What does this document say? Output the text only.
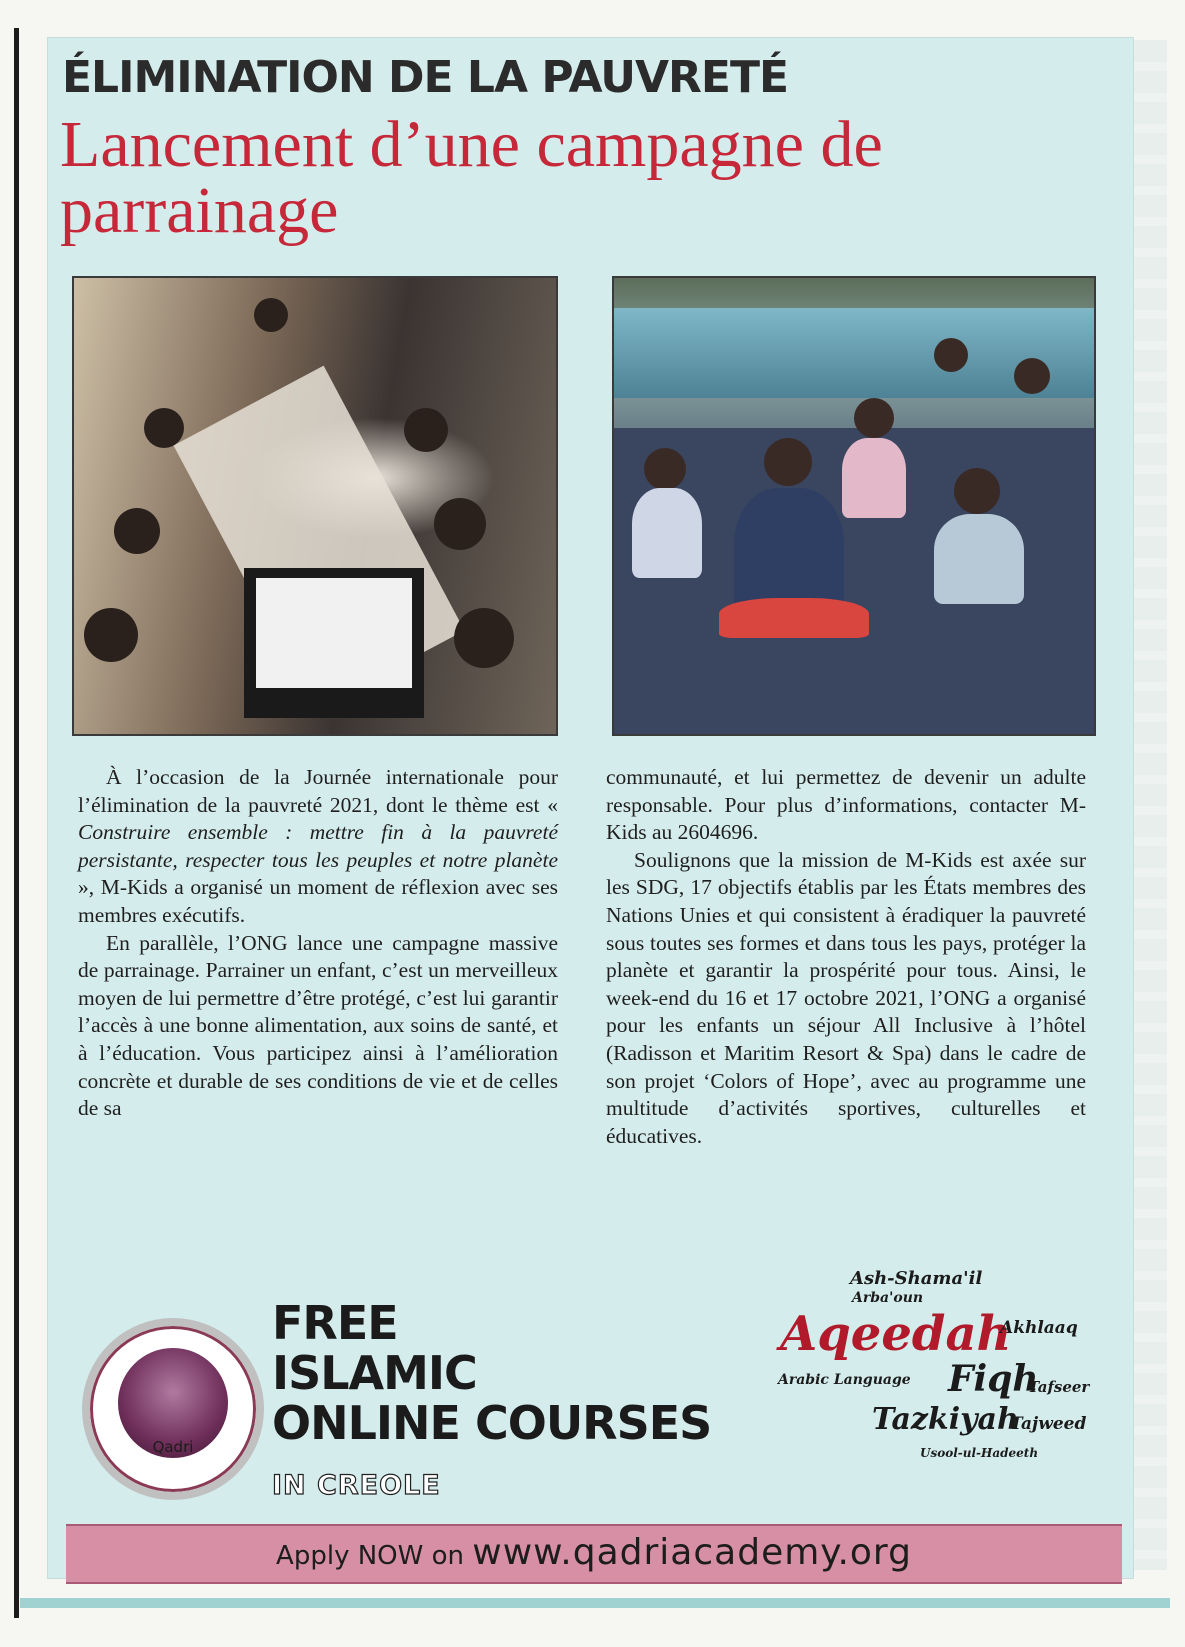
ÉLIMINATION DE LA PAUVRETÉ
Lancement d’une campagne de parrainage

À l’occasion de la Journée internationale pour l’élimination de la pauvreté 2021, dont le thème est « Construire ensemble : mettre fin à la pauvreté persistante, respecter tous les peuples et notre planète », M-Kids a organisé un moment de réflexion avec ses membres exécutifs.

En parallèle, l’ONG lance une campagne massive de parrainage. Parrainer un enfant, c’est un merveilleux moyen de lui permettre d’être protégé, c’est lui garantir l’accès à une bonne alimentation, aux soins de santé, et à l’éducation. Vous participez ainsi à l’amélioration concrète et durable de ses conditions de vie et de celles de sa

communauté, et lui permettez de devenir un adulte responsable. Pour plus d’informations, contacter M-Kids au 2604696.

Soulignons que la mission de M-Kids est axée sur les SDG, 17 objectifs établis par les États membres des Nations Unies et qui consistent à éradiquer la pauvreté sous toutes ses formes et dans tous les pays, protéger la planète et garantir la prospérité pour tous. Ainsi, le week-end du 16 et 17 octobre 2021, l’ONG a organisé pour les enfants un séjour All Inclusive à l’hôtel (Radisson et Maritim Resort & Spa) dans le cadre de son projet ‘Colors of Hope’, avec au programme une multitude d’activités sportives, culturelles et éducatives.

Qadri
FREE
ISLAMIC
ONLINE COURSES
IN CREOLE
Ash-Shama'il
Arba'oun
Aqeedah
Akhlaaq
Arabic Language Fiqh
Tafseer
Tazkiyah
Tajweed
Usool-ul-Hadeeth
Apply NOW on www.qadriacademy.org
